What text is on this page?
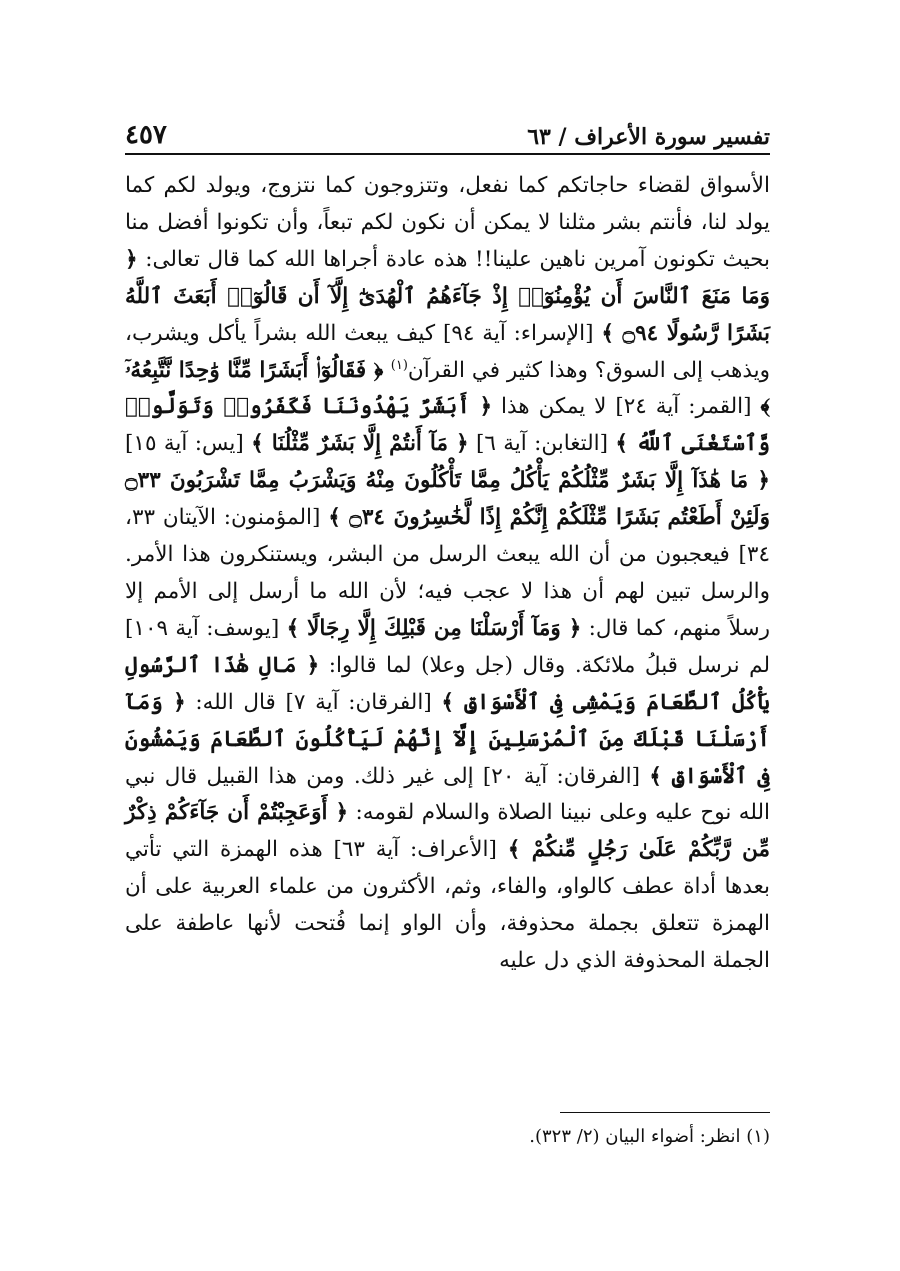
تفسير سورة الأعراف / ٦٣
٤٥٧

الأسواق لقضاء حاجاتكم كما نفعل، وتتزوجون كما نتزوج، ويولد لكم كما يولد لنا، فأنتم بشر مثلنا لا يمكن أن نكون لكم تبعاً، وأن تكونوا أفضل منا بحيث تكونون آمرين ناهين علينا!! هذه عادة أجراها الله كما قال تعالى: ﴿ وَمَا مَنَعَ ٱلنَّاسَ أَن يُؤْمِنُوٓا۟ إِذْ جَآءَهُمُ ٱلْهُدَىٰٓ إِلَّآ أَن قَالُوٓا۟ أَبَعَثَ ٱللَّهُ بَشَرًا رَّسُولًا ۝٩٤ ﴾ [الإسراء: آية ٩٤] كيف يبعث الله بشراً يأكل ويشرب، ويذهب إلى السوق؟ وهذا كثير في القرآن$^{(١)}$ ﴿ فَقَالُوٓا۟ أَبَشَرًا مِّنَّا وَٰحِدًا نَّتَّبِعُهُۥٓ ﴾ [القمر: آية ٢٤] لا يمكن هذا ﴿ أَبَشَرٌ يَهْدُونَنَا فَكَفَرُوا۟ وَتَوَلَّوا۟ وَّٱسْتَغْنَى ٱللَّهُ ﴾ [التغابن: آية ٦] ﴿ مَآ أَنتُمْ إِلَّا بَشَرٌ مِّثْلُنَا ﴾ [يس: آية ١٥] ﴿ مَا هَٰذَآ إِلَّا بَشَرٌ مِّثْلُكُمْ يَأْكُلُ مِمَّا تَأْكُلُونَ مِنْهُ وَيَشْرَبُ مِمَّا تَشْرَبُونَ ۝٣٣ وَلَئِنْ أَطَعْتُم بَشَرًا مِّثْلَكُمْ إِنَّكُمْ إِذًا لَّخَٰسِرُونَ ۝٣٤ ﴾ [المؤمنون: الآيتان ٣٣، ٣٤] فيعجبون من أن الله يبعث الرسل من البشر، ويستنكرون هذا الأمر. والرسل تبين لهم أن هذا لا عجب فيه؛ لأن الله ما أرسل إلى الأمم إلا رسلاً منهم، كما قال: ﴿ وَمَآ أَرْسَلْنَا مِن قَبْلِكَ إِلَّا رِجَالًا ﴾ [يوسف: آية ١٠٩] لم نرسل قبلُ ملائكة. وقال (جل وعلا) لما قالوا: ﴿ مَالِ هَٰذَا ٱلرَّسُولِ يَأْكُلُ ٱلطَّعَامَ وَيَمْشِى فِى ٱلْأَسْوَاقِ ﴾ [الفرقان: آية ٧] قال الله: ﴿ وَمَآ أَرْسَلْنَا قَبْلَكَ مِنَ ٱلْمُرْسَلِينَ إِلَّآ إِنَّهُمْ لَيَأْكُلُونَ ٱلطَّعَامَ وَيَمْشُونَ فِى ٱلْأَسْوَاقِ ﴾ [الفرقان: آية ٢٠] إلى غير ذلك. ومن هذا القبيل قال نبي الله نوح عليه وعلى نبينا الصلاة والسلام لقومه: ﴿ أَوَعَجِبْتُمْ أَن جَآءَكُمْ ذِكْرٌ مِّن رَّبِّكُمْ عَلَىٰ رَجُلٍ مِّنكُمْ ﴾ [الأعراف: آية ٦٣] هذه الهمزة التي تأتي بعدها أداة عطف كالواو، والفاء، وثم، الأكثرون من علماء العربية على أن الهمزة تتعلق بجملة محذوفة، وأن الواو إنما فُتحت لأنها عاطفة على الجملة المحذوفة الذي دل عليه

(١) انظر: أضواء البيان (٢/ ٣٢٣).
